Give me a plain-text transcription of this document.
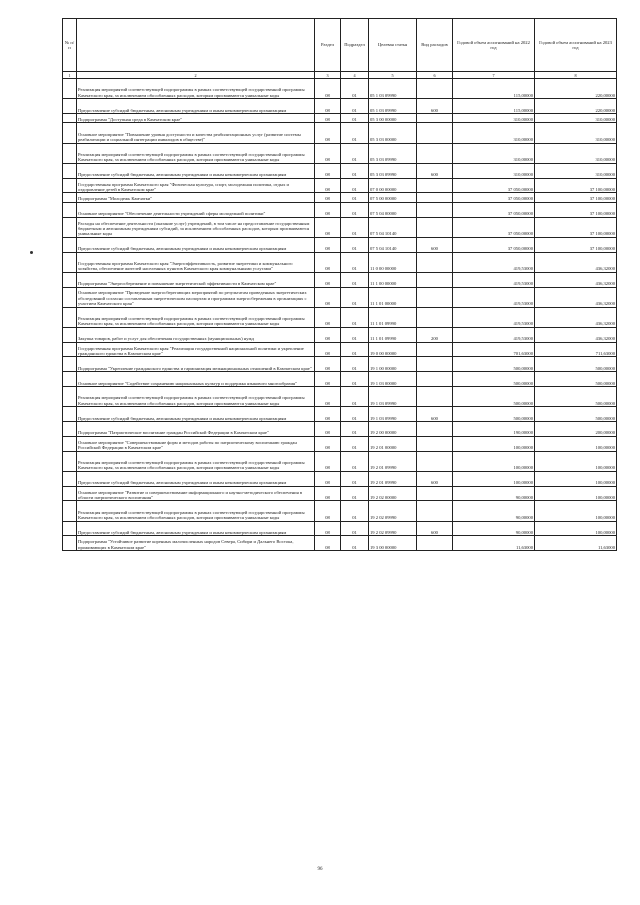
№ п/п		Раздел	Подраздел	Целевая статья	Вид расходов	Годовой объем ассигнований на 2022 год	Годовой объем ассигнований на 2023 год
1	2	3	4	5	6	7	8
	Реализация мероприятий соответствующей подпрограммы в рамках соответствующей государственной программы Камчатского края, за исключением обособленных расходов, которым присваиваются уникальные коды	08	01	05 1 03 09990		115,00000	220,00000
	Предоставление субсидий бюджетным, автономным учреждениям и иным некоммерческим организациям	08	01	05 1 03 09990	600	115,00000	220,00000
	Подпрограмма "Доступная среда в Камчатском крае"	08	01	05 3 00 00000		310,00000	310,00000
	Основное мероприятие "Повышение уровня доступности и качества реабилитационных услуг (развитие системы реабилитации и социальной интеграции инвалидов в обществе)"	08	01	05 3 03 00000		310,00000	310,00000
	Реализация мероприятий соответствующей подпрограммы в рамках соответствующей государственной программы Камчатского края, за исключением обособленных расходов, которым присваиваются уникальные коды	08	01	05 3 03 09990		310,00000	310,00000
	Предоставление субсидий бюджетным, автономным учреждениям и иным некоммерческим организациям	08	01	05 3 03 09990	600	310,00000	310,00000
	Государственная программа Камчатского края "Физическая культура, спорт, молодежная политика, отдых и оздоровление детей в Камчатском крае"	08	01	07 0 00 00000		37 050,00000	37 100,00000
	Подпрограмма "Молодежь Камчатки"	08	01	07 5 00 00000		37 050,00000	37 100,00000
	Основное мероприятие "Обеспечение деятельности учреждений сферы молодежной политики"	08	01	07 5 04 00000		37 050,00000	37 100,00000
	Расходы на обеспечение деятельности (оказание услуг) учреждений, в том числе на предоставление государственным бюджетным и автономным учреждениям субсидий, за исключением обособленных расходов, которым присваиваются уникальные коды	08	01	07 5 04 10140		37 050,00000	37 100,00000
	Предоставление субсидий бюджетным, автономным учреждениям и иным некоммерческим организациям	08	01	07 5 04 10140	600	37 050,00000	37 100,00000
	Государственная программа Камчатского края "Энергоэффективность, развитие энергетики и коммунального хозяйства, обеспечение жителей населенных пунктов Камчатского края коммунальными услугами"	08	01	11 0 00 00000		419,53000	436,32000
	Подпрограмма "Энергосбережение и повышение энергетической эффективности в Камчатском крае"	08	01	11 1 00 00000		419,53000	436,32000
	Основное мероприятие "Проведение энергосберегающих мероприятий по результатам проведенных энергетических обследований согласно составленным энергетическим паспортам и программам энергосбережения в организациях с участием Камчатского края"	08	01	11 1 01 00000		419,53000	436,32000
	Реализация мероприятий соответствующей подпрограммы в рамках соответствующей государственной программы Камчатского края, за исключением обособленных расходов, которым присваиваются уникальные коды	08	01	11 1 01 09990		419,53000	436,32000
	Закупка товаров, работ и услуг для обеспечения государственных (муниципальных) нужд	08	01	11 1 01 09990	200	419,53000	436,32000
	Государственная программа Камчатского края "Реализация государственной национальной политики и укрепление гражданского единства в Камчатском крае"	08	01	19 0 00 00000		701,63000	711,63000
	Подпрограмма "Укрепление гражданского единства и гармонизация межнациональных отношений в Камчатском крае"	08	01	19 1 00 00000		500,00000	500,00000
	Основное мероприятие "Содействие сохранению национальных культур и поддержка языкового многообразия"	08	01	19 1 03 00000		500,00000	500,00000
	Реализация мероприятий соответствующей подпрограммы в рамках соответствующей государственной программы Камчатского края, за исключением обособленных расходов, которым присваиваются уникальные коды	08	01	19 1 03 09990		500,00000	500,00000
	Предоставление субсидий бюджетным, автономным учреждениям и иным некоммерческим организациям	08	01	19 1 03 09990	600	500,00000	500,00000
	Подпрограмма "Патриотическое воспитание граждан Российской Федерации в Камчатском крае"	08	01	19 2 00 00000		190,00000	200,00000
	Основное мероприятие "Совершенствование форм и методов работы по патриотическому воспитанию граждан Российской Федерации в Камчатском крае"	08	01	19 2 01 00000		100,00000	100,00000
	Реализация мероприятий соответствующей подпрограммы в рамках соответствующей государственной программы Камчатского края, за исключением обособленных расходов, которым присваиваются уникальные коды	08	01	19 2 01 09990		100,00000	100,00000
	Предоставление субсидий бюджетным, автономным учреждениям и иным некоммерческим организациям	08	01	19 2 01 09990	600	100,00000	100,00000
	Основное мероприятие "Развитие и совершенствование информационного и научно-методического обеспечения в области патриотического воспитания"	08	01	19 2 02 00000		90,00000	100,00000
	Реализация мероприятий соответствующей подпрограммы в рамках соответствующей государственной программы Камчатского края, за исключением обособленных расходов, которым присваиваются уникальные коды	08	01	19 2 02 09990		90,00000	100,00000
	Предоставление субсидий бюджетным, автономным учреждениям и иным некоммерческим организациям	08	01	19 2 02 09990	600	90,00000	100,00000
	Подпрограмма "Устойчивое развитие коренных малочисленных народов Севера, Сибири и Дальнего Востока, проживающих в Камчатском крае"	08	01	19 3 00 00000		11,63000	11,63000
96
